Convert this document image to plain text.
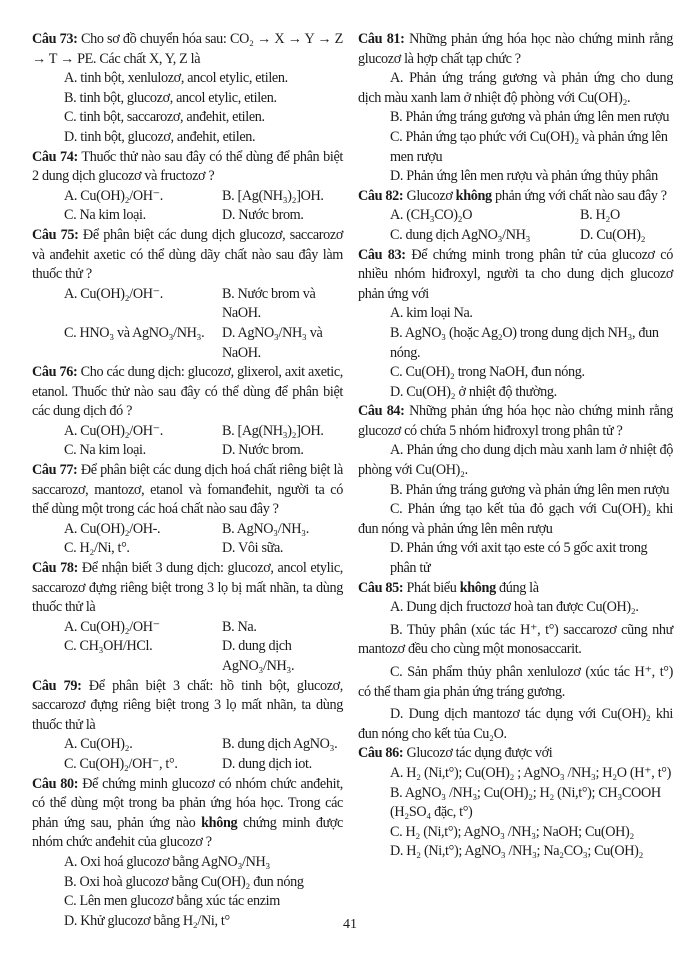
Câu 73: Cho sơ đồ chuyển hóa sau: CO₂ → X → Y → Z → T → PE. Các chất X, Y, Z là
A. tinh bột, xenlulozơ, ancol etylic, etilen.
B. tinh bột, glucozơ, ancol etylic, etilen.
C. tinh bột, saccarozơ, anđehit, etilen.
D. tinh bột, glucozơ, anđehit, etilen.
Câu 74: Thuốc thử nào sau đây có thể dùng để phân biệt 2 dung dịch glucozơ và fructozơ ?
A. Cu(OH)₂/OH⁻.	B. [Ag(NH₃)₂]OH.
C. Na kim loại.	D. Nước brom.
Câu 75: Để phân biệt các dung dịch glucozơ, saccarozơ và anđehit axetic có thể dùng dãy chất nào sau đây làm thuốc thử ?
A. Cu(OH)₂/OH⁻.	B. Nước brom và NaOH.
C. HNO₃ và AgNO₃/NH₃.	D. AgNO₃/NH₃ và NaOH.
Câu 76: Cho các dung dịch: glucozơ, glixerol, axit axetic, etanol. Thuốc thử nào sau đây có thể dùng để phân biệt các dung dịch đó ?
A. Cu(OH)₂/OH⁻.	B. [Ag(NH₃)₂]OH.
C. Na kim loại.	D. Nước brom.
Câu 77: Để phân biệt các dung dịch hoá chất riêng biệt là saccarozơ, mantozơ, etanol và fomanđehit, người ta có thể dùng một trong các hoá chất nào sau đây ?
A. Cu(OH)₂/OH-.	B. AgNO₃/NH₃.
C. H₂/Ni, t°.	D. Vôi sữa.
Câu 78: Để nhận biết 3 dung dịch: glucozơ, ancol etylic, saccarozơ đựng riêng biệt trong 3 lọ bị mất nhãn, ta dùng thuốc thử là
A. Cu(OH)₂/OH⁻	B. Na.
C. CH₃OH/HCl.	D. dung dịch AgNO₃/NH₃.
Câu 79: Để phân biệt 3 chất: hồ tinh bột, glucozơ, saccarozơ đựng riêng biệt trong 3 lọ mất nhãn, ta dùng thuốc thử là
A. Cu(OH)₂.	B. dung dịch AgNO₃.
C. Cu(OH)₂/OH⁻, t°.	D. dung dịch iot.
Câu 80: Để chứng minh glucozơ có nhóm chức anđehit, có thể dùng một trong ba phản ứng hóa học. Trong các phản ứng sau, phản ứng nào không chứng minh được nhóm chức anđehit của glucozơ ?
A. Oxi hoá glucozơ bằng AgNO₃/NH₃
B. Oxi hoà glucozơ bằng Cu(OH)₂ đun nóng
C. Lên men glucozơ bằng xúc tác enzim
D. Khử glucozơ bằng H₂/Ni, t°
Câu 81: Những phản ứng hóa học nào chứng minh rằng glucozơ là hợp chất tạp chức ?
A. Phản ứng tráng gương và phản ứng cho dung dịch màu xanh lam ở nhiệt độ phòng với Cu(OH)₂.
B. Phản ứng tráng gương và phản ứng lên men rượu
C. Phản ứng tạo phức với Cu(OH)₂ và phản ứng lên men rượu
D. Phản ứng lên men rượu và phản ứng thủy phân
Câu 82: Glucozơ không phản ứng với chất nào sau đây ?
A. (CH₃CO)₂O	B. H₂O
C. dung dịch AgNO₃/NH₃	D. Cu(OH)₂
Câu 83: Để chứng minh trong phân tử của glucozơ có nhiều nhóm hiđroxyl, người ta cho dung dịch glucozơ phản ứng với
A. kim loại Na.
B. AgNO₃ (hoặc Ag₂O) trong dung dịch NH₃, đun nóng.
C. Cu(OH)₂ trong NaOH, đun nóng.
D. Cu(OH)₂ ở nhiệt độ thường.
Câu 84: Những phản ứng hóa học nào chứng minh rằng glucozơ có chứa 5 nhóm hiđroxyl trong phân tử ?
A. Phản ứng cho dung dịch màu xanh lam ở nhiệt độ phòng với Cu(OH)₂.
B. Phản ứng tráng gương và phản ứng lên men rượu
C. Phản ứng tạo kết tủa đỏ gạch với Cu(OH)₂ khi đun nóng và phản ứng lên mên rượu
D. Phản ứng với axit tạo este có 5 gốc axit trong phân tử
Câu 85: Phát biểu không đúng là
A. Dung dịch fructozơ hoà tan được Cu(OH)₂.
B. Thủy phân (xúc tác H⁺, t°) saccarozơ cũng như mantozơ đều cho cùng một monosaccarit.
C. Sản phẩm thủy phân xenlulozơ (xúc tác H⁺, t°) có thể tham gia phản ứng tráng gương.
D. Dung dịch mantozơ tác dụng với Cu(OH)₂ khi đun nóng cho kết tủa Cu₂O.
Câu 86: Glucozơ tác dụng được với
A. H₂ (Ni,t°); Cu(OH)₂ ; AgNO₃ /NH₃; H₂O (H⁺, t°)
B. AgNO₃ /NH₃; Cu(OH)₂; H₂ (Ni,t°); CH₃COOH (H₂SO₄ đặc, t°)
C. H₂ (Ni,t°); AgNO₃ /NH₃; NaOH; Cu(OH)₂
D. H₂ (Ni,t°); AgNO₃ /NH₃; Na₂CO₃; Cu(OH)₂
41
